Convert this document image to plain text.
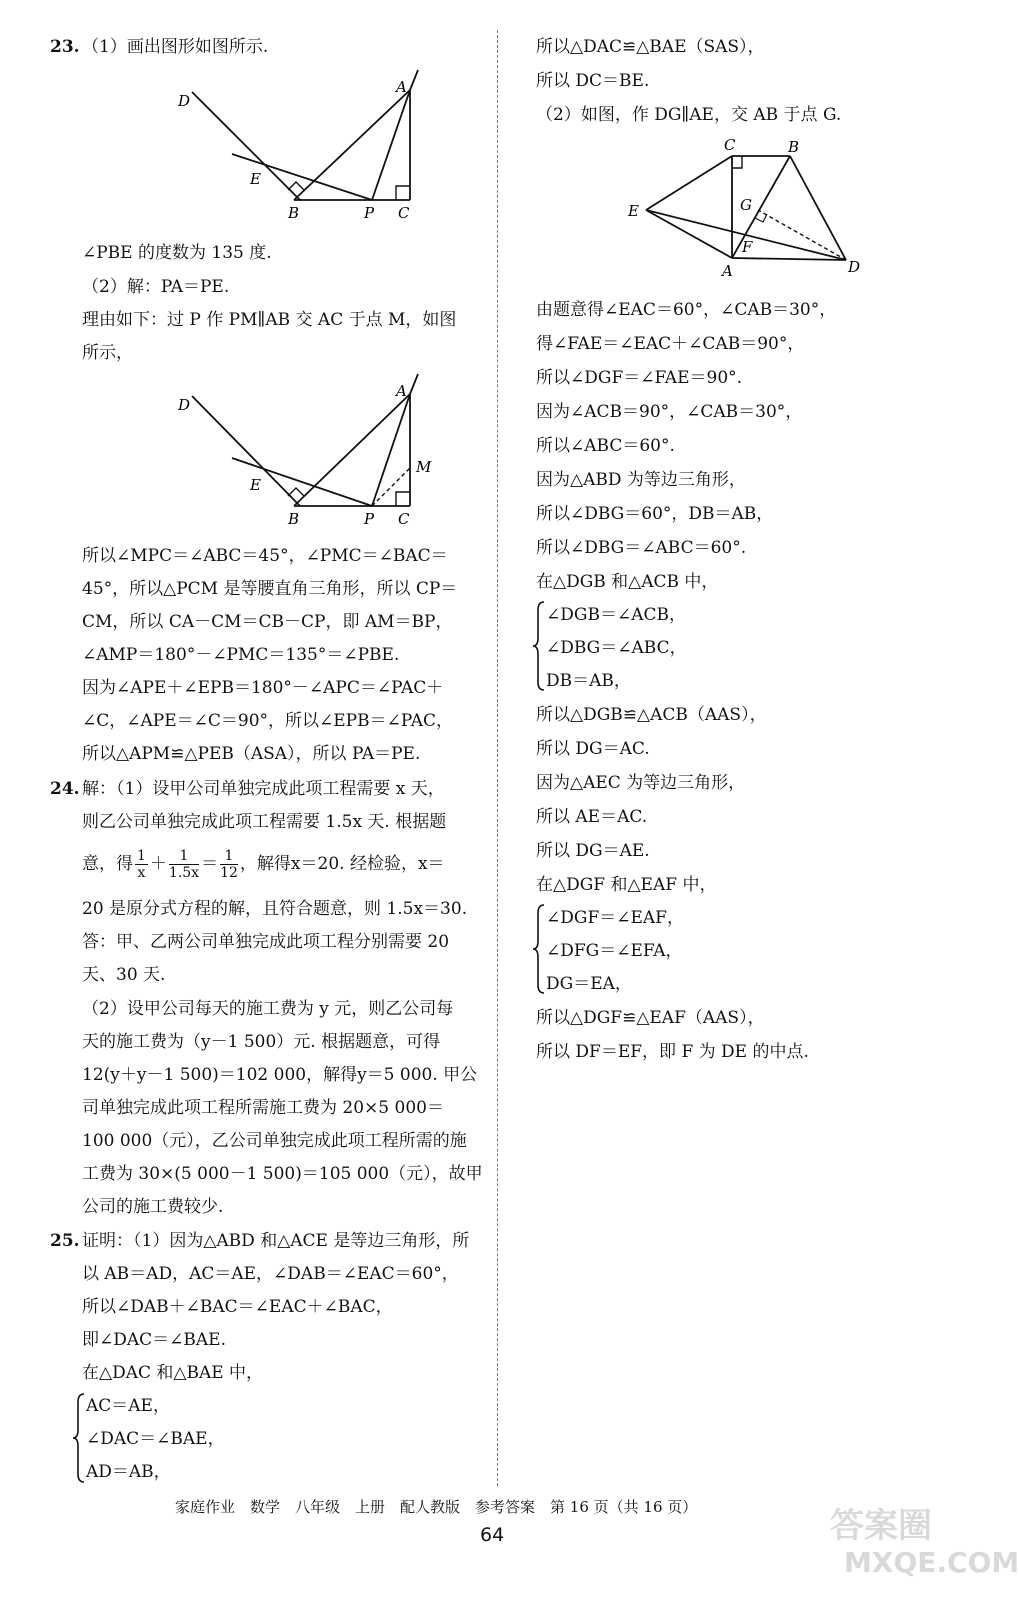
23. （1）画出图形如图所示.
D
E
B	P C
A
∠PBE 的度数为 135 度.
（2）解：PA＝PE.
理由如下：过 P 作 PM∥AB 交 AC 于点 M，如图
所示，
D
E
B	P C
A
M
所以∠MPC＝∠ABC＝45°，∠PMC＝∠BAC＝
45°，所以△PCM 是等腰直角三角形，所以 CP＝
CM，所以 CA－CM＝CB－CP，即 AM＝BP，
∠AMP＝180°－∠PMC＝135°＝∠PBE.
因为∠APE＋∠EPB＝180°－∠APC＝∠PAC＋
∠C，∠APE＝∠C＝90°，所以∠EPB＝∠PAC，
所以△APM≌△PEB（ASA），所以 PA＝PE.
24. 解：（1）设甲公司单独完成此项工程需要 x 天，
则乙公司单独完成此项工程需要 1.5x 天. 根据题
意，得 $\frac{1}{x} + \frac{1}{1.5x} = \frac{1}{12}$ ，解得x＝20. 经检验，x＝
20 是原分式方程的解，且符合题意，则 1.5x＝30.
答：甲、乙两公司单独完成此项工程分别需要 20
天、30 天.
（2）设甲公司每天的施工费为 y 元，则乙公司每
天的施工费为（y－1 500）元. 根据题意，可得
12(y＋y－1 500)＝102 000，解得y＝5 000. 甲公
司单独完成此项工程所需施工费为 20×5 000＝
100 000（元），乙公司单独完成此项工程所需的施
工费为 30×(5 000－1 500)＝105 000（元），故甲
公司的施工费较少.
25. 证明：（1）因为△ABD 和△ACE 是等边三角形，所
以 AB＝AD，AC＝AE，∠DAB＝∠EAC＝60°，
所以∠DAB＋∠BAC＝∠EAC＋∠BAC，
即∠DAC＝∠BAE.
在△DAC 和△BAE 中，
AC＝AE，
∠DAC＝∠BAE，
AD＝AB，
所以△DAC≌△BAE（SAS），
所以 DC＝BE.
（2）如图，作 DG∥AE，交 AB 于点 G.
C	B
E	G
F
A	D
由题意得∠EAC＝60°，∠CAB＝30°，
得∠FAE＝∠EAC＋∠CAB＝90°，
所以∠DGF＝∠FAE＝90°.
因为∠ACB＝90°，∠CAB＝30°，
所以∠ABC＝60°.
因为△ABD 为等边三角形，
所以∠DBG＝60°，DB＝AB，
所以∠DBG＝∠ABC＝60°.
在△DGB 和△ACB 中，
∠DGB＝∠ACB，
∠DBG＝∠ABC，
DB＝AB，
所以△DGB≌△ACB（AAS），
所以 DG＝AC.
因为△AEC 为等边三角形，
所以 AE＝AC.
所以 DG＝AE.
在△DGF 和△EAF 中，
∠DGF＝∠EAF，
∠DFG＝∠EFA，
DG＝EA，
所以△DGF≌△EAF（AAS），
所以 DF＝EF，即 F 为 DE 的中点.
家庭作业　数学　八年级　上册　配人教版　参考答案　第 16 页（共 16 页）
64	答案圈
MXQE.COM
